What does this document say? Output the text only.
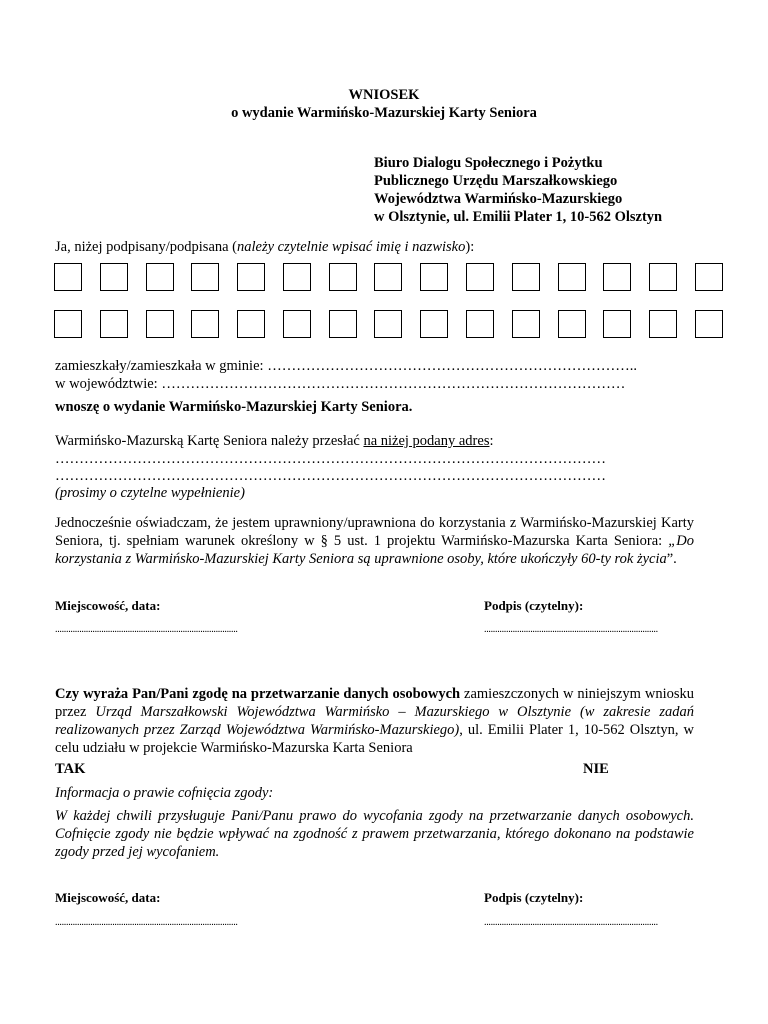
WNIOSEK
o wydanie Warmińsko-Mazurskiej Karty Seniora
Biuro Dialogu Społecznego i Pożytku
Publicznego Urzędu Marszałkowskiego
Województwa Warmińsko-Mazurskiego
w Olsztynie, ul. Emilii Plater 1, 10-562 Olsztyn
Ja, niżej podpisany/podpisana (należy czytelnie wpisać imię i nazwisko):
zamieszkały/zamieszkała w gminie: …………………………………………………………………..
w województwie: ……………………………………………………………………………………
wnoszę o wydanie Warmińsko-Mazurskiej Karty Seniora.
Warmińsko-Mazurską Kartę Seniora należy przesłać na niżej podany adres:
……………………………………………………………………………………………………
……………………………………………………………………………………………………
(prosimy o czytelne wypełnienie)
Jednocześnie oświadczam, że jestem uprawniony/uprawniona do korzystania z Warmińsko-Mazurskiej Karty Seniora, tj. spełniam warunek określony w § 5 ust. 1 projektu Warmińsko-Mazurska Karta Seniora: „Do korzystania z Warmińsko-Mazurskiej Karty Seniora są uprawnione osoby, które ukończyły 60-ty rok życia”.
Miejscowość, data:	Podpis (czytelny):
...................................................................................	...............................................................................
Czy wyraża Pan/Pani zgodę na przetwarzanie danych osobowych zamieszczonych w niniejszym wniosku przez Urząd Marszałkowski Województwa Warmińsko – Mazurskiego w Olsztynie (w zakresie zadań realizowanych przez Zarząd Województwa Warmińsko-Mazurskiego), ul. Emilii Plater 1, 10-562 Olsztyn, w celu udziału w projekcie Warmińsko-Mazurska Karta Seniora
TAK	NIE
Informacja o prawie cofnięcia zgody:
W każdej chwili przysługuje Pani/Panu prawo do wycofania zgody na przetwarzanie danych osobowych. Cofnięcie zgody nie będzie wpływać na zgodność z prawem przetwarzania, którego dokonano na podstawie zgody przed jej wycofaniem.
Miejscowość, data:	Podpis (czytelny):
...................................................................................	...............................................................................
